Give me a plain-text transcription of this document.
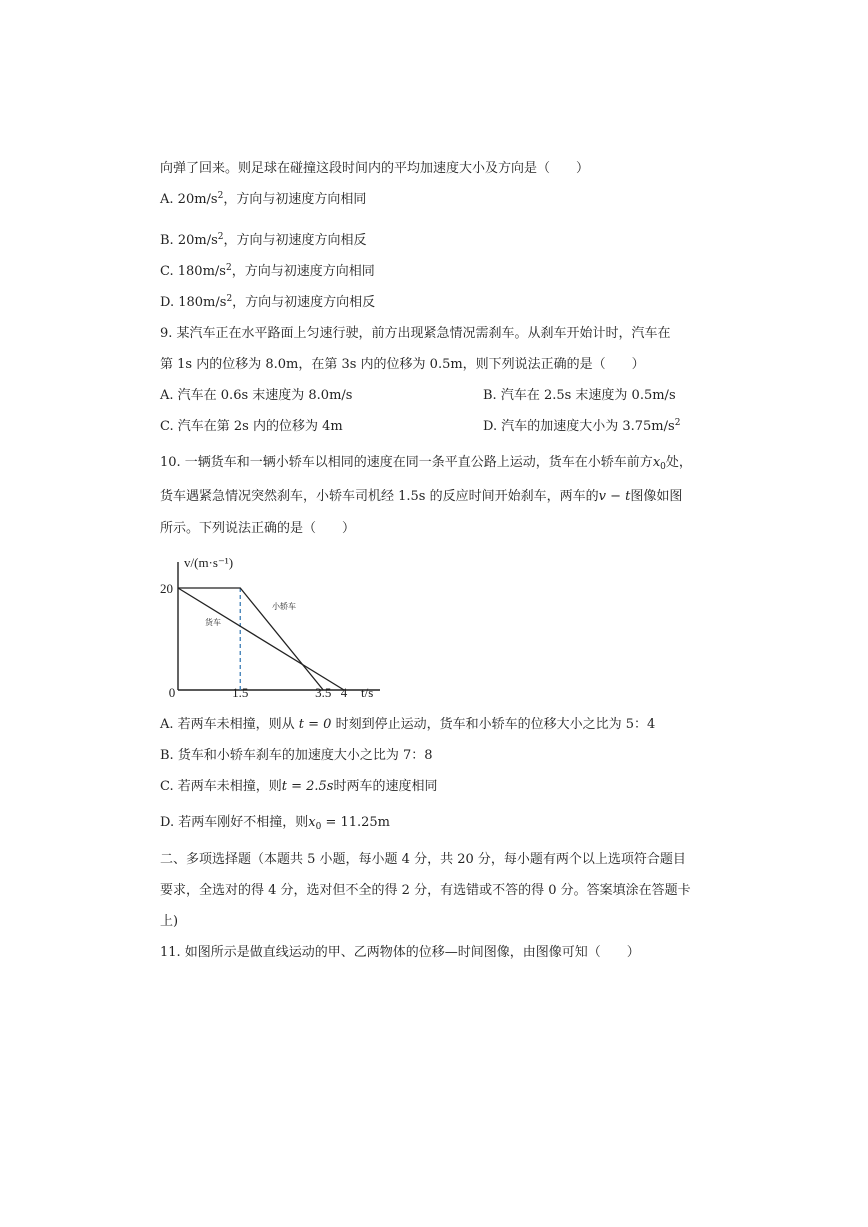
向弹了回来。则足球在碰撞这段时间内的平均加速度大小及方向是（　　）
A. $20m/s^2$，方向与初速度方向相同
B. $20m/s^2$，方向与初速度方向相反
C. $180m/s^2$，方向与初速度方向相同
D. $180m/s^2$，方向与初速度方向相反
9. 某汽车正在水平路面上匀速行驶，前方出现紧急情况需刹车。从刹车开始计时，汽车在
第 1s 内的位移为 8.0m，在第 3s 内的位移为 0.5m，则下列说法正确的是（　　）
A. 汽车在 0.6s 末速度为 8.0m/s	B. 汽车在 2.5s 末速度为 0.5m/s
C. 汽车在第 2s 内的位移为 4m	D. 汽车的加速度大小为 $3.75m/s^2$
10. 一辆货车和一辆小轿车以相同的速度在同一条平直公路上运动，货车在小轿车前方$x_0$处，
货车遇紧急情况突然刹车，小轿车司机经 1.5s 的反应时间开始刹车，两车的v − t图像如图
所示。下列说法正确的是（　　）
v/(m·s⁻¹)
t/s
小轿车
货车
0	1.5	3.5 4
20
A. 若两车未相撞，则从 t = 0 时刻到停止运动，货车和小轿车的位移大小之比为 5：4
B. 货车和小轿车刹车的加速度大小之比为 7：8
C. 若两车未相撞，则t = 2.5s时两车的速度相同
D. 若两车刚好不相撞，则$x_0 = 11.25m$
二、多项选择题（本题共 5 小题，每小题 4 分，共 20 分，每小题有两个以上选项符合题目
要求，全选对的得 4 分，选对但不全的得 2 分，有选错或不答的得 0 分。答案填涂在答题卡
上)
11. 如图所示是做直线运动的甲、乙两物体的位移—时间图像，由图像可知（　　）
